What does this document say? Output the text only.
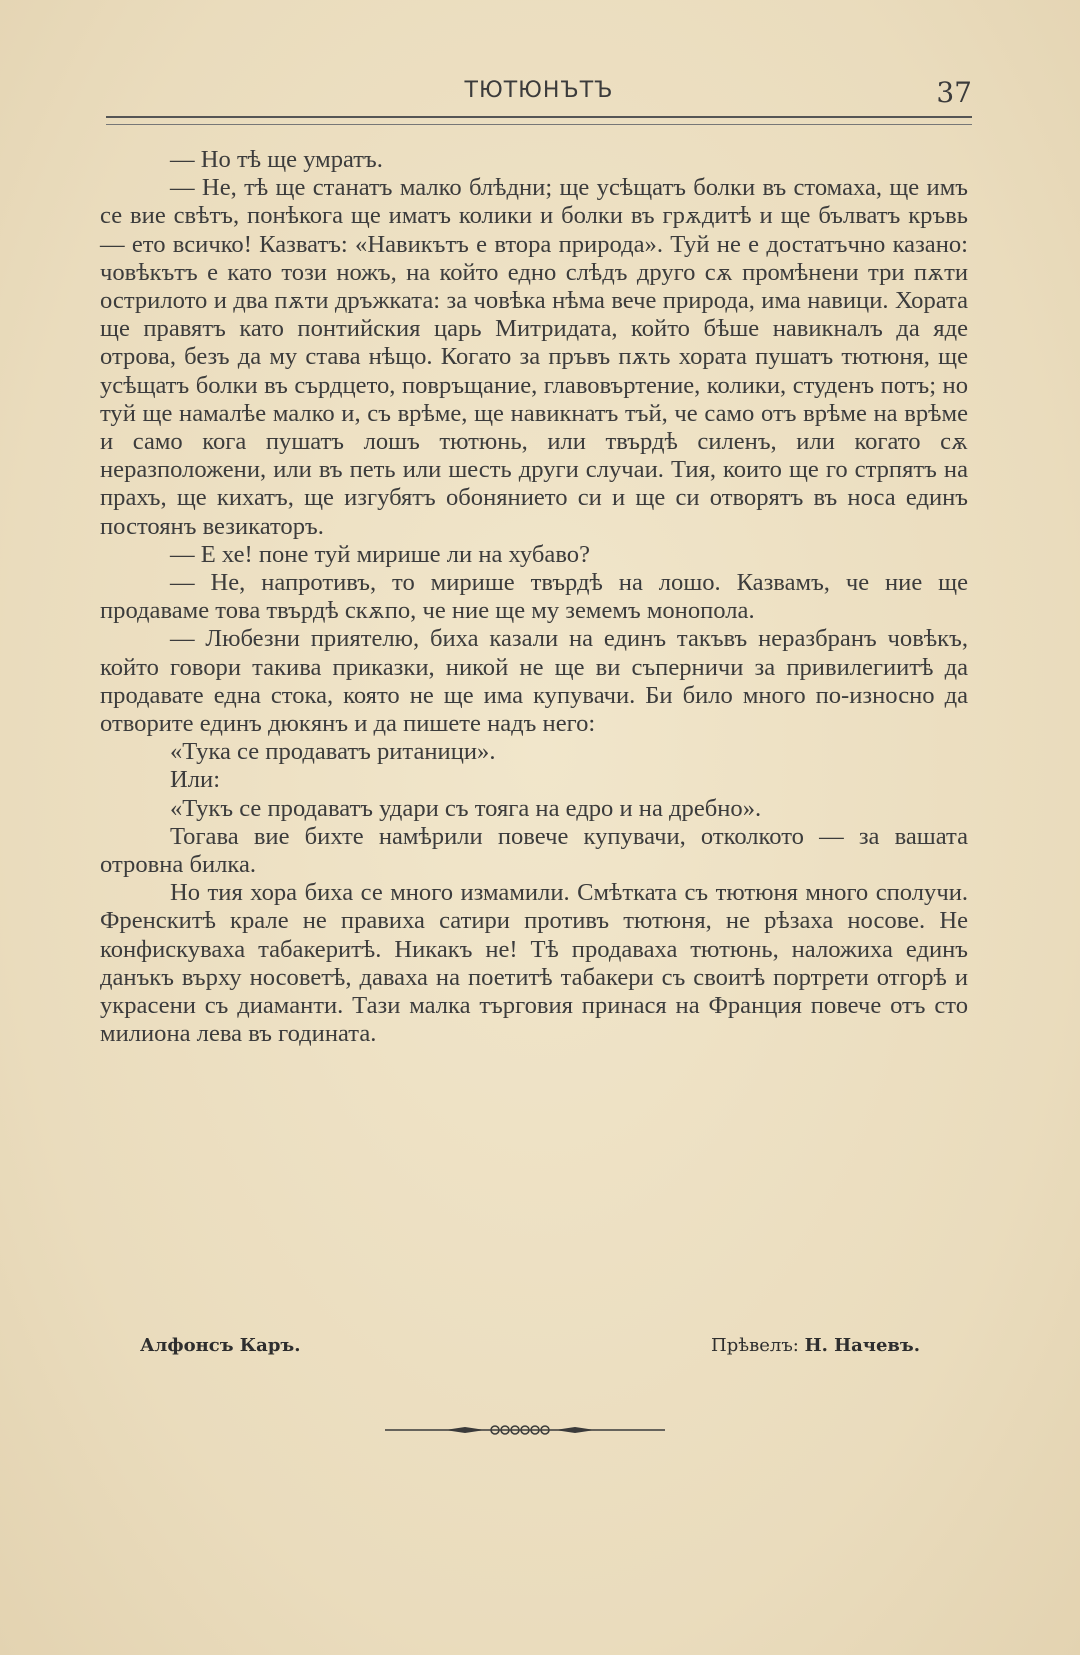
ТЮТЮНЪТЪ	37

— Но тѣ ще умратъ.

— Не, тѣ ще станатъ малко блѣдни; ще усѣщатъ болки въ стомаха, ще имъ се вие свѣтъ, понѣкога ще иматъ колики и болки въ грѫдитѣ и ще бълватъ кръвь — ето всичко! Казватъ: «Навикътъ е втора природа». Туй не е достатъчно казано: човѣкътъ е като този ножъ, на който едно слѣдъ друго сѫ промѣнени три пѫти острилото и два пѫти дръжката: за човѣка нѣма вече природа, има навици. Хората ще правятъ като понтийския царь Митридата, който бѣше навикналъ да яде отрова, безъ да му става нѣщо. Когато за пръвъ пѫть хората пушатъ тютюня, ще усѣщатъ болки въ сърдцето, повръщание, главовъртение, колики, студенъ потъ; но туй ще намалѣе малко и, съ врѣме, ще навикнатъ тъй, че само отъ врѣме на врѣме и само кога пушатъ лошъ тютюнь, или твърдѣ силенъ, или когато сѫ неразположени, или въ петь или шесть други случаи. Тия, които ще го стрпятъ на прахъ, ще кихатъ, ще изгубятъ обонянието си и ще си отворятъ въ носа единъ постоянъ везикаторъ.

— Е хе! поне туй мирише ли на хубаво?

— Не, напротивъ, то мирише твърдѣ на лошо. Казвамъ, че ние ще продаваме това твърдѣ скѫпо, че ние ще му земемъ монопола.

— Любезни приятелю, биха казали на единъ такъвъ неразбранъ човѣкъ, който говори такива приказки, никой не ще ви съперничи за привилегиитѣ да продавате една стока, която не ще има купувачи. Би било много по-износно да отворите единъ дюкянъ и да пишете надъ него:

«Тука се продаватъ ританици».

Или:

«Тукъ се продаватъ удари съ тояга на едро и на дребно».

Тогава вие бихте намѣрили повече купувачи, отколкото — за вашата отровна билка.

Но тия хора биха се много измамили. Смѣтката съ тютюня много сполучи. Френскитѣ крале не правиха сатири противъ тютюня, не рѣзаха носове. Не конфискуваха табакеритѣ. Никакъ не! Тѣ продаваха тютюнь, наложиха единъ данъкъ върху носоветѣ, даваха на поетитѣ табакери съ своитѣ портрети отгорѣ и украсени съ диаманти. Тази малка търговия принася на Франция повече отъ сто милиона лева въ годината.

Алфонсъ Каръ.	Прѣвелъ: Н. Начевъ.
